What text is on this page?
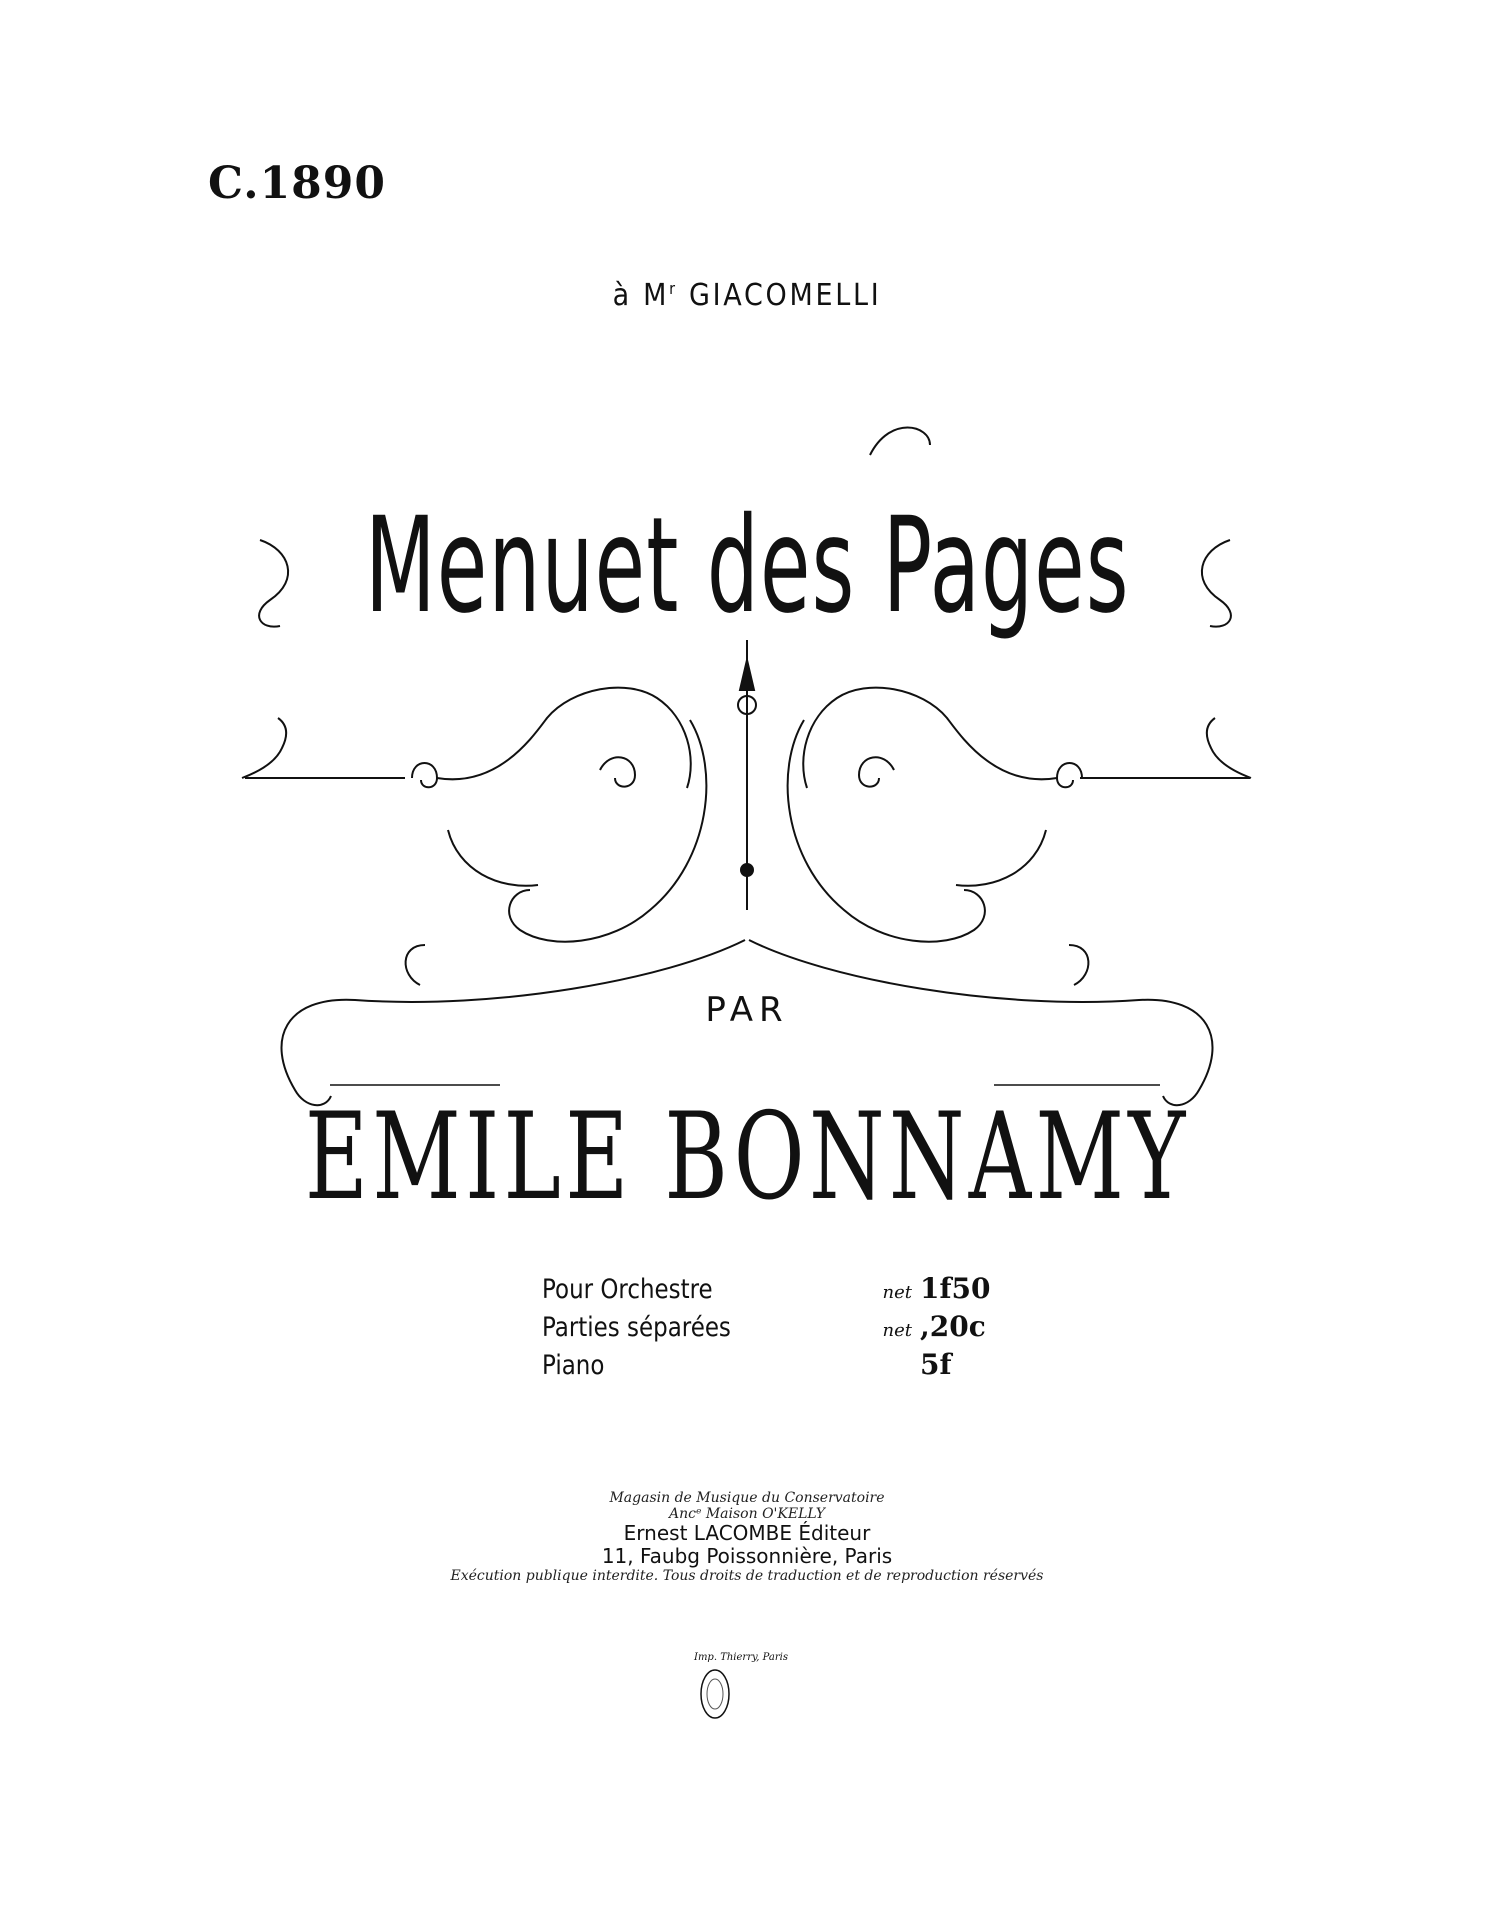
C.1890
à $M^r$ GIACOMELLI
Menuet des Pages
PAR
EMILE BONNAMY
Pour Orchestre	net 1f50
Parties séparées	net ,20c
Piano	5f
Magasin de Musique du Conservatoire
Ancᵉ Maison O'KELLY
Ernest LACOMBE Éditeur
11, Faubg Poissonnière, Paris
Exécution publique interdite. Tous droits de traduction et de reproduction réservés
Imp. Thierry, Paris
